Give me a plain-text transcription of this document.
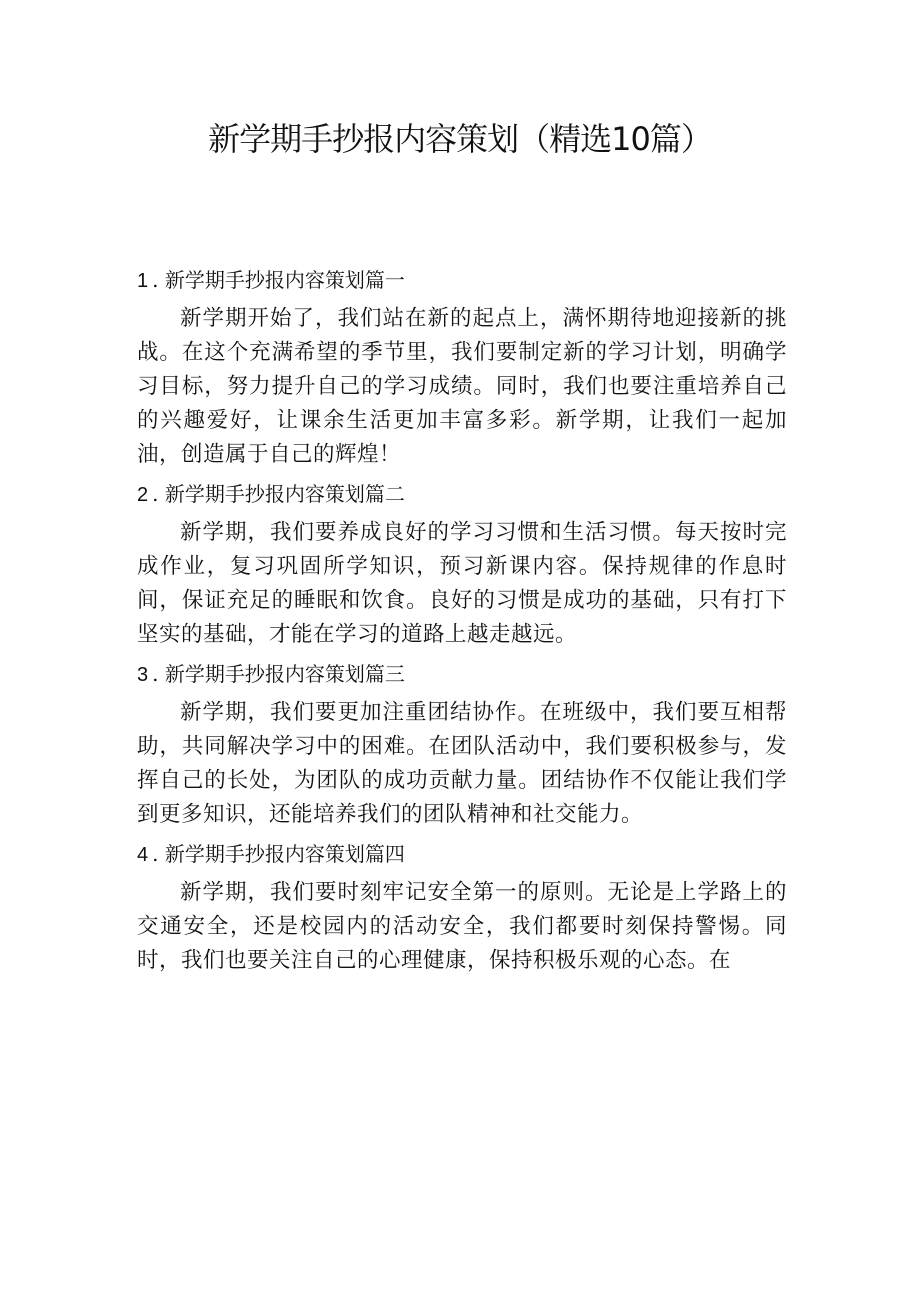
新学期手抄报内容策划（精选10篇）
1 . 新学期手抄报内容策划篇一

新学期开始了，我们站在新的起点上，满怀期待地迎接新的挑战。在这个充满希望的季节里，我们要制定新的学习计划，明确学习目标，努力提升自己的学习成绩。同时，我们也要注重培养自己的兴趣爱好，让课余生活更加丰富多彩。新学期，让我们一起加油，创造属于自己的辉煌！

2 . 新学期手抄报内容策划篇二

新学期，我们要养成良好的学习习惯和生活习惯。每天按时完成作业，复习巩固所学知识，预习新课内容。保持规律的作息时间，保证充足的睡眠和饮食。良好的习惯是成功的基础，只有打下坚实的基础，才能在学习的道路上越走越远。

3 . 新学期手抄报内容策划篇三

新学期，我们要更加注重团结协作。在班级中，我们要互相帮助，共同解决学习中的困难。在团队活动中，我们要积极参与，发挥自己的长处，为团队的成功贡献力量。团结协作不仅能让我们学到更多知识，还能培养我们的团队精神和社交能力。

4 . 新学期手抄报内容策划篇四

新学期，我们要时刻牢记安全第一的原则。无论是上学路上的交通安全，还是校园内的活动安全，我们都要时刻保持警惕。同时，我们也要关注自己的心理健康，保持积极乐观的心态。在
